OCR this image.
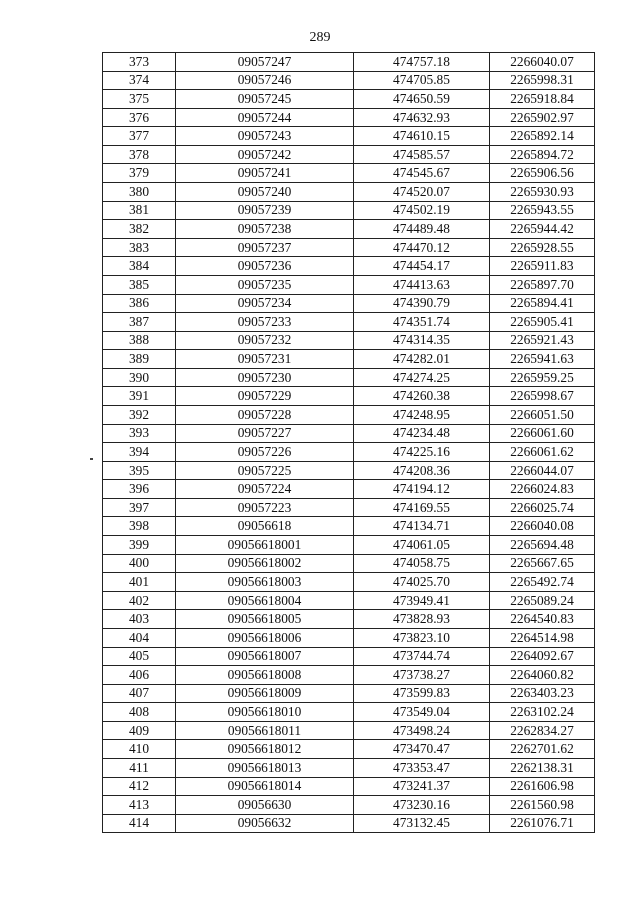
289
373	09057247	474757.18	2266040.07
374	09057246	474705.85	2265998.31
375	09057245	474650.59	2265918.84
376	09057244	474632.93	2265902.97
377	09057243	474610.15	2265892.14
378	09057242	474585.57	2265894.72
379	09057241	474545.67	2265906.56
380	09057240	474520.07	2265930.93
381	09057239	474502.19	2265943.55
382	09057238	474489.48	2265944.42
383	09057237	474470.12	2265928.55
384	09057236	474454.17	2265911.83
385	09057235	474413.63	2265897.70
386	09057234	474390.79	2265894.41
387	09057233	474351.74	2265905.41
388	09057232	474314.35	2265921.43
389	09057231	474282.01	2265941.63
390	09057230	474274.25	2265959.25
391	09057229	474260.38	2265998.67
392	09057228	474248.95	2266051.50
393	09057227	474234.48	2266061.60
394	09057226	474225.16	2266061.62
395	09057225	474208.36	2266044.07
396	09057224	474194.12	2266024.83
397	09057223	474169.55	2266025.74
398	09056618	474134.71	2266040.08
399	09056618001	474061.05	2265694.48
400	09056618002	474058.75	2265667.65
401	09056618003	474025.70	2265492.74
402	09056618004	473949.41	2265089.24
403	09056618005	473828.93	2264540.83
404	09056618006	473823.10	2264514.98
405	09056618007	473744.74	2264092.67
406	09056618008	473738.27	2264060.82
407	09056618009	473599.83	2263403.23
408	09056618010	473549.04	2263102.24
409	09056618011	473498.24	2262834.27
410	09056618012	473470.47	2262701.62
411	09056618013	473353.47	2262138.31
412	09056618014	473241.37	2261606.98
413	09056630	473230.16	2261560.98
414	09056632	473132.45	2261076.71
